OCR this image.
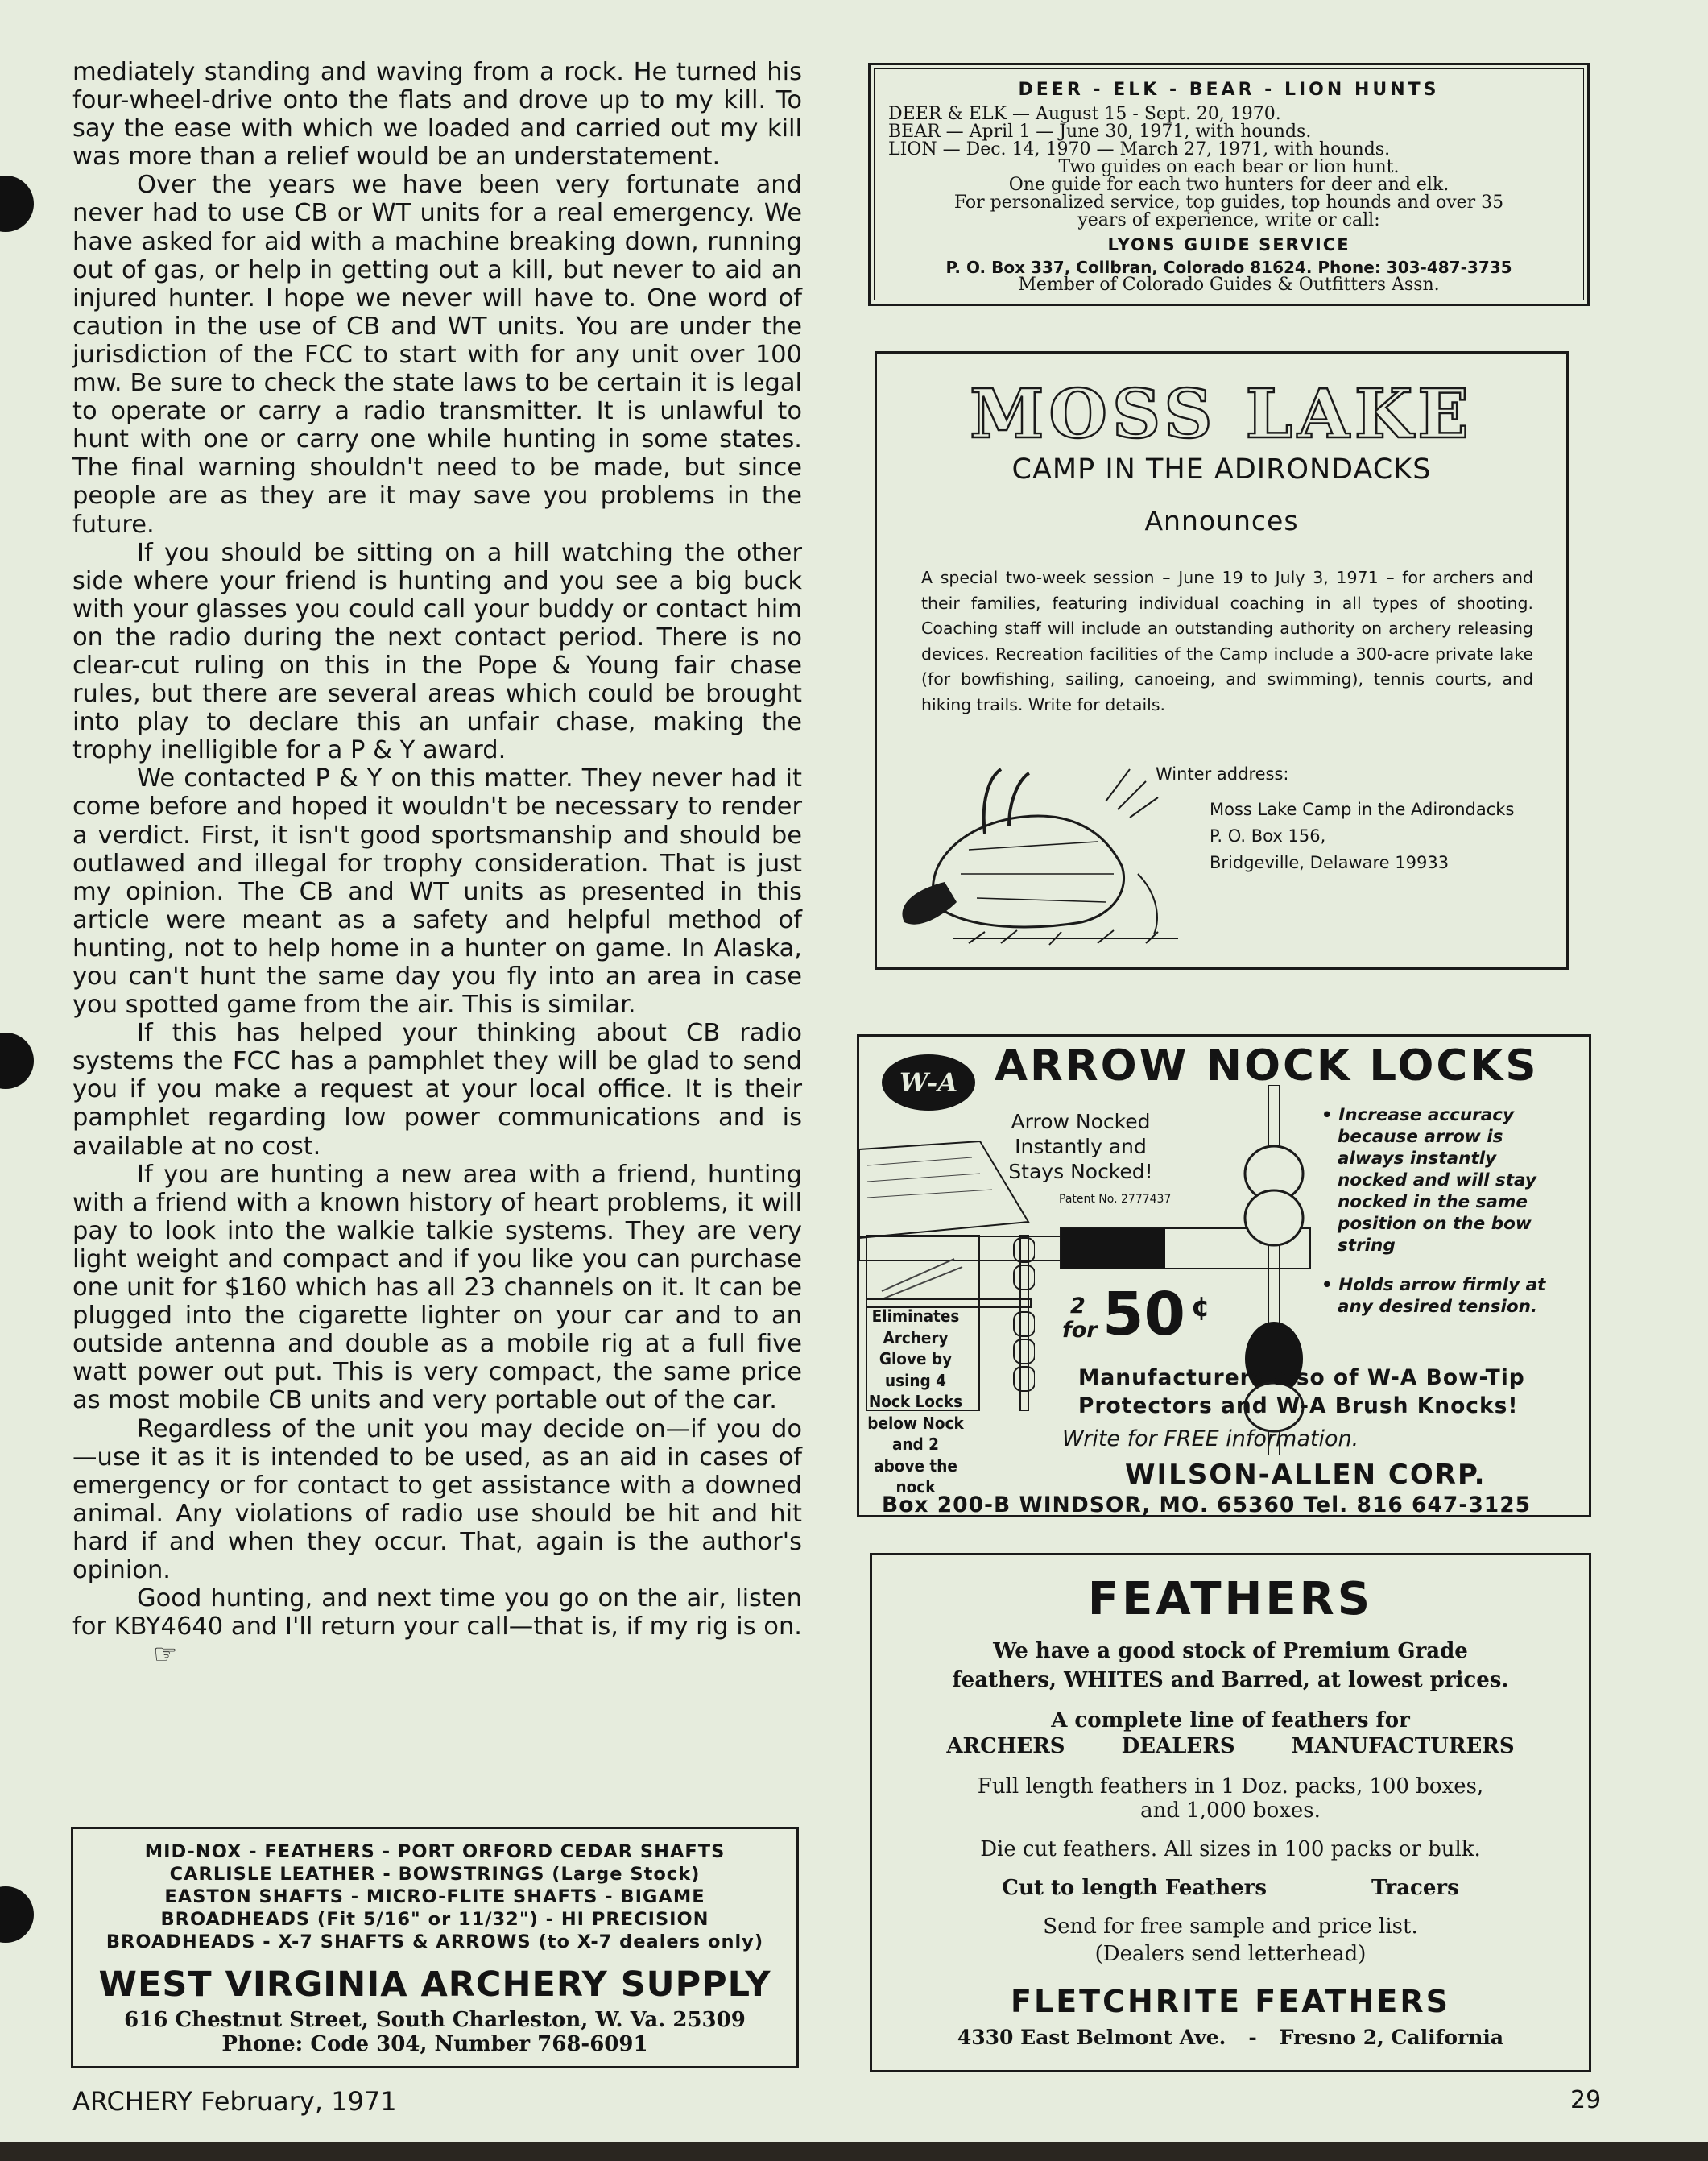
mediately standing and waving from a rock. He turned his four-wheel-drive onto the flats and drove up to my kill. To say the ease with which we loaded and carried out my kill was more than a relief would be an understatement.

Over the years we have been very fortunate and never had to use CB or WT units for a real emergency. We have asked for aid with a machine breaking down, running out of gas, or help in getting out a kill, but never to aid an injured hunter. I hope we never will have to. One word of caution in the use of CB and WT units. You are under the jurisdiction of the FCC to start with for any unit over 100 mw. Be sure to check the state laws to be certain it is legal to operate or carry a radio transmitter. It is unlawful to hunt with one or carry one while hunting in some states. The final warning shouldn't need to be made, but since people are as they are it may save you problems in the future.

If you should be sitting on a hill watching the other side where your friend is hunting and you see a big buck with your glasses you could call your buddy or contact him on the radio during the next contact period. There is no clear-cut ruling on this in the Pope & Young fair chase rules, but there are several areas which could be brought into play to declare this an unfair chase, making the trophy inelligible for a P & Y award.

We contacted P & Y on this matter. They never had it come before and hoped it wouldn't be necessary to render a verdict. First, it isn't good sportsmanship and should be outlawed and illegal for trophy consideration. That is just my opinion. The CB and WT units as presented in this article were meant as a safety and helpful method of hunting, not to help home in a hunter on game. In Alaska, you can't hunt the same day you fly into an area in case you spotted game from the air. This is similar.

If this has helped your thinking about CB radio systems the FCC has a pamphlet they will be glad to send you if you make a request at your local office. It is their pamphlet regarding low power communications and is available at no cost.

If you are hunting a new area with a friend, hunting with a friend with a known history of heart problems, it will pay to look into the walkie talkie systems. They are very light weight and compact and if you like you can purchase one unit for $160 which has all 23 channels on it. It can be plugged into the cigarette lighter on your car and to an outside antenna and double as a mobile rig at a full five watt power out put. This is very compact, the same price as most mobile CB units and very portable out of the car.

Regardless of the unit you may decide on—if you do—use it as it is intended to be used, as an aid in cases of emergency or for contact to get assistance with a downed animal. Any violations of radio use should be hit and hit hard if and when they occur. That, again is the author's opinion.

Good hunting, and next time you go on the air, listen for KBY4640 and I'll return your call—that is, if my rig is on.☞

MID-NOX - FEATHERS - PORT ORFORD CEDAR SHAFTS
CARLISLE LEATHER - BOWSTRINGS (Large Stock)
EASTON SHAFTS - MICRO-FLITE SHAFTS - BIGAME
BROADHEADS (Fit 5/16" or 11/32") - HI PRECISION
BROADHEADS - X-7 SHAFTS & ARROWS (to X-7 dealers only)
WEST VIRGINIA ARCHERY SUPPLY
616 Chestnut Street, South Charleston, W. Va. 25309
Phone: Code 304, Number 768-6091
DEER - ELK - BEAR - LION HUNTS
DEER & ELK — August 15 - Sept. 20, 1970.
BEAR — April 1 — June 30, 1971, with hounds.
LION — Dec. 14, 1970 — March 27, 1971, with hounds.
Two guides on each bear or lion hunt.
One guide for each two hunters for deer and elk.
For personalized service, top guides, top hounds and over 35
years of experience, write or call:
LYONS GUIDE SERVICE
P. O. Box 337, Collbran, Colorado 81624. Phone: 303-487-3735
Member of Colorado Guides & Outfitters Assn.
MOSS LAKE
CAMP IN THE ADIRONDACKS
Announces
A special two-week session – June 19 to July 3, 1971 – for archers and their families, featuring individual coaching in all types of shooting. Coaching staff will include an outstanding authority on archery releasing devices. Recreation facilities of the Camp include a 300-acre private lake (for bowfishing, sailing, canoeing, and swimming), tennis courts, and hiking trails. Write for details.
Winter address:
Moss Lake Camp in the Adirondacks
P. O. Box 156,
Bridgeville, Delaware 19933
W-A ARROW NOCK LOCKS
Arrow Nocked Instantly and Stays Nocked!
Patent No. 2777437
• Increase accuracy because arrow is always instantly nocked and will stay nocked in the same position on the bow string
• Holds arrow firmly at any desired tension.
Eliminates Archery Glove by using 4 Nock Locks below Nock and 2 above the nock
2
for 50 ¢
Manufacturers also of W-A Bow-Tip Protectors and W-A Brush Knocks!
Write for FREE information.
WILSON-ALLEN CORP.
Box 200-B WINDSOR, MO. 65360 Tel. 816 647-3125
FEATHERS
We have a good stock of Premium Grade
feathers, WHITES and Barred, at lowest prices.
A complete line of feathers for
ARCHERS	DEALERS	MANUFACTURERS
Full length feathers in 1 Doz. packs, 100 boxes,
and 1,000 boxes.
Die cut feathers. All sizes in 100 packs or bulk.
Cut to length Feathers	Tracers
Send for free sample and price list.
(Dealers send letterhead)
FLETCHRITE FEATHERS
4330 East Belmont Ave. - Fresno 2, California
ARCHERY February, 1971	29
